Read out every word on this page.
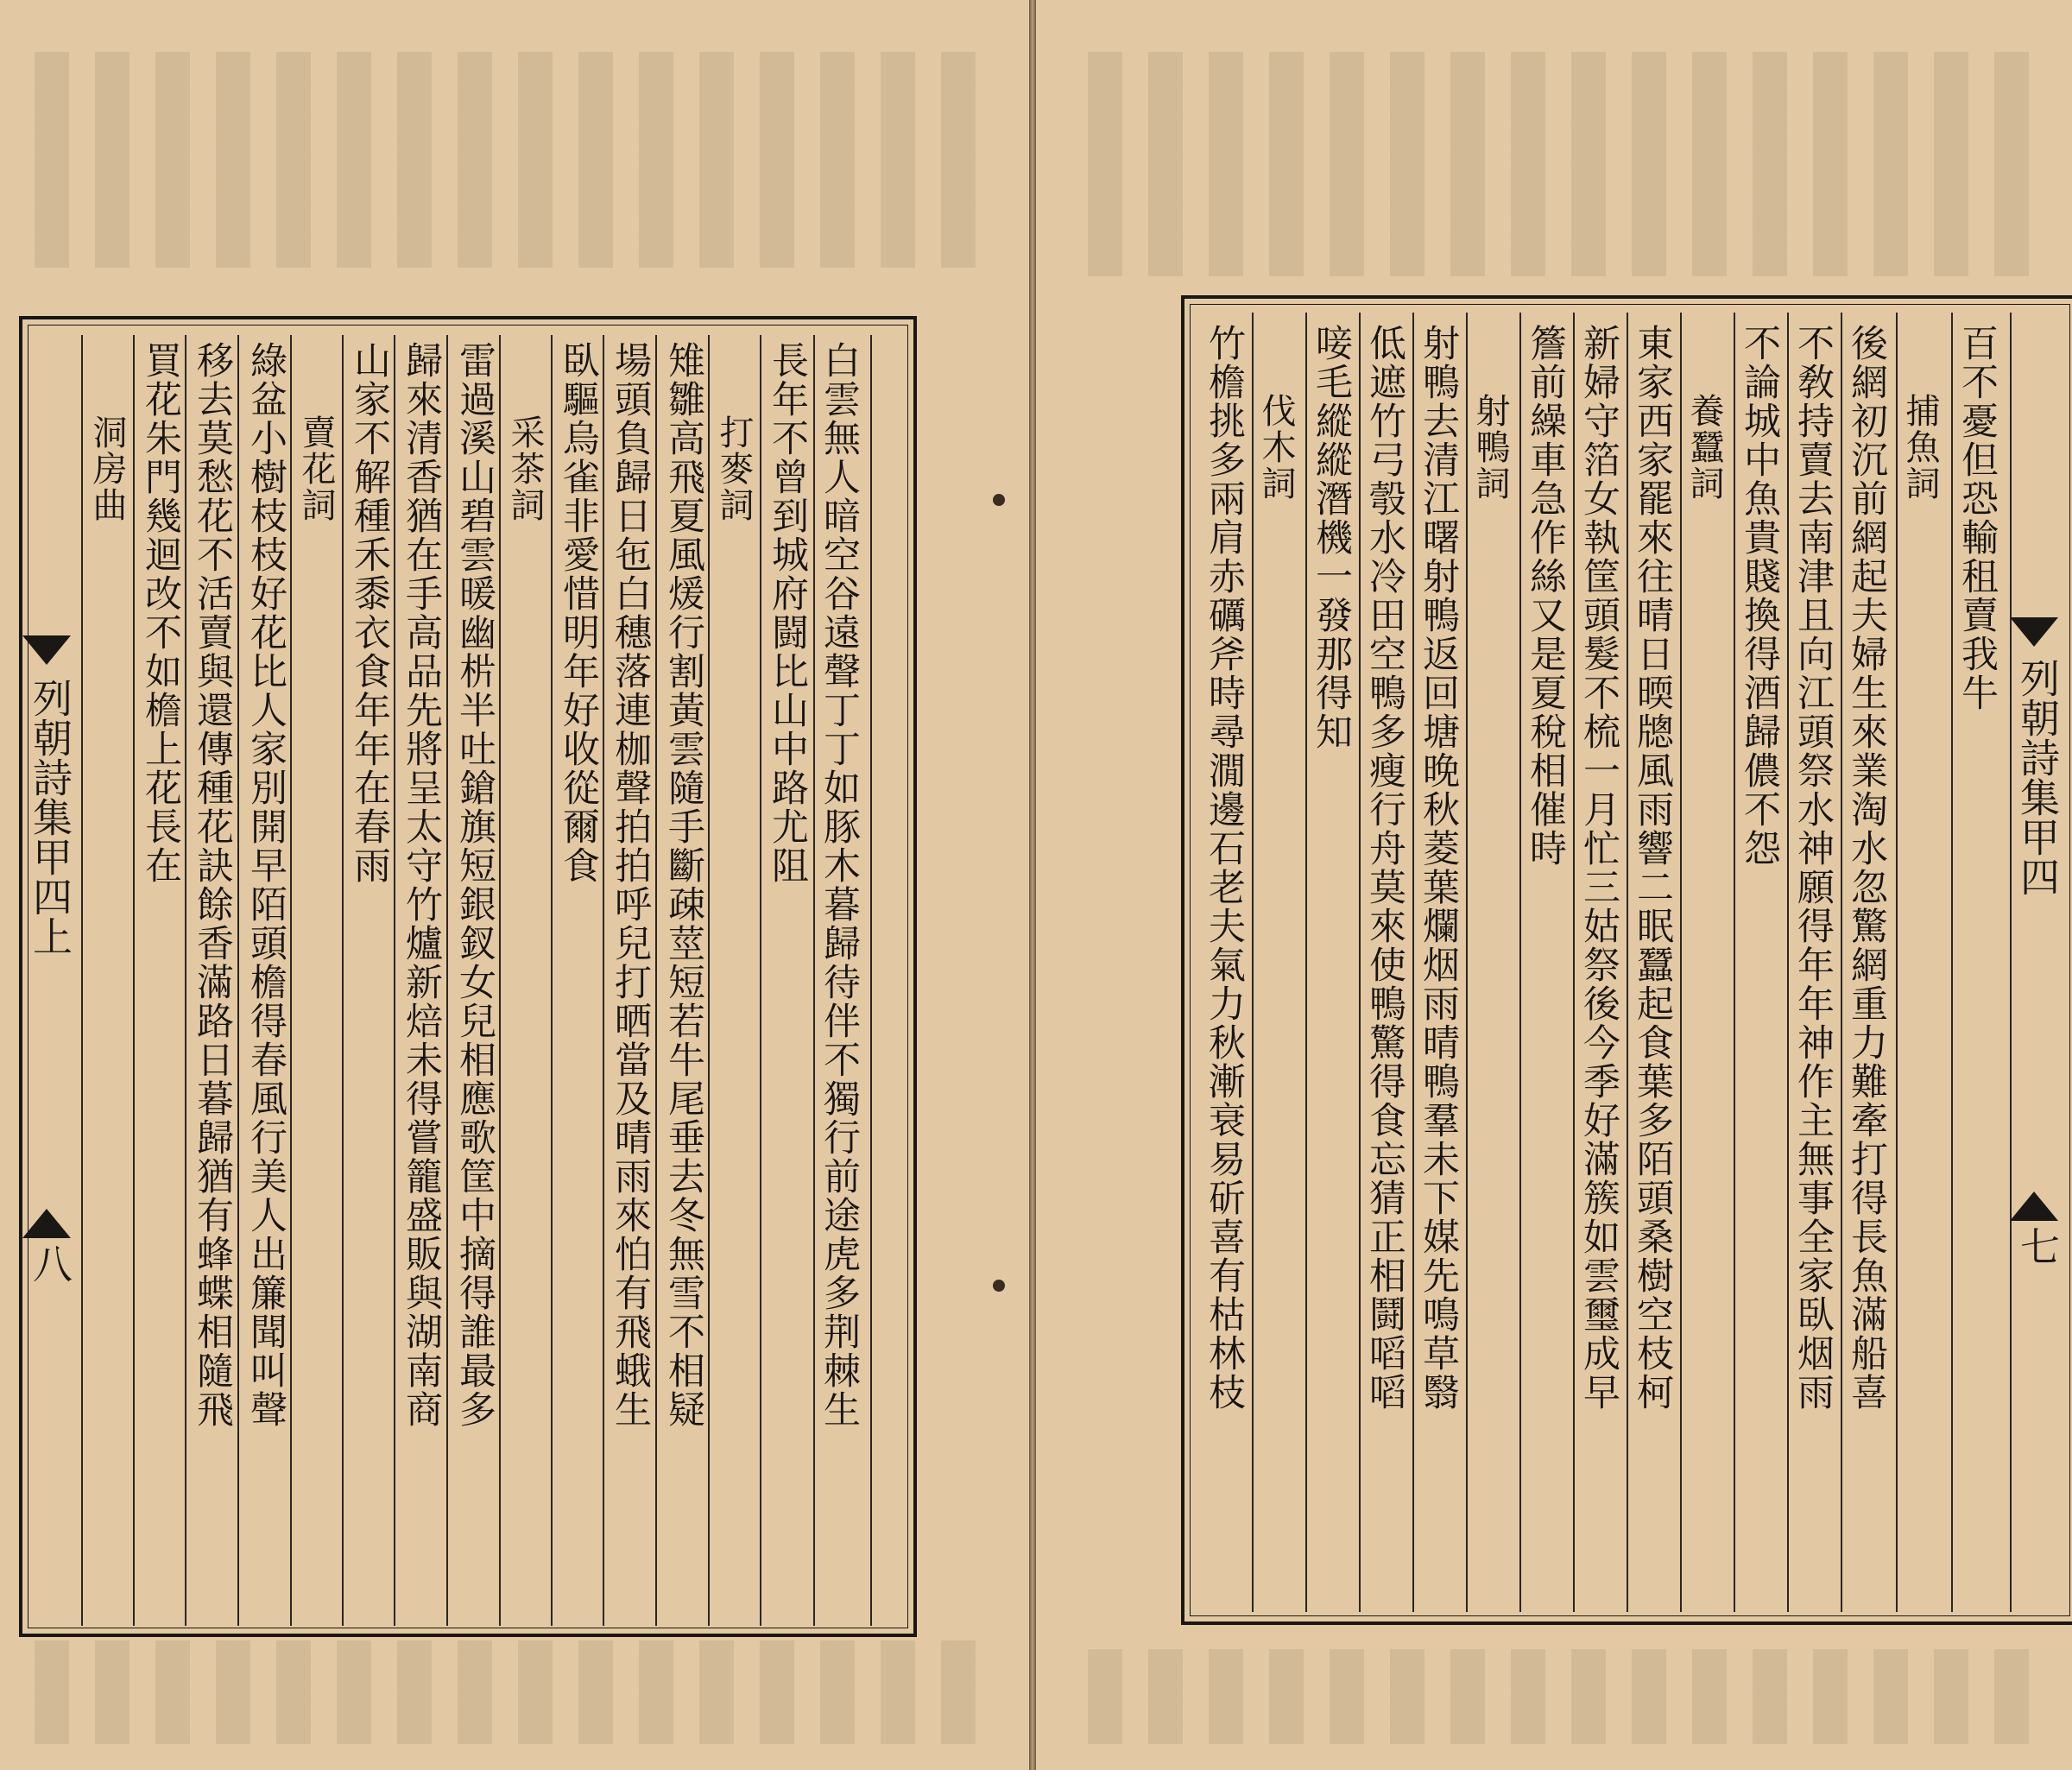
列朝詩集甲四上
八	白雲無人暗空谷遠聲丁丁如豚木暮歸待伴不獨行前途虎多荆棘生
長年不曾到城府闘比山中路尤阻
打麥詞
雉雛高飛夏風煖行割黃雲隨手斷疎莖短若牛尾垂去冬無雪不相疑
場頭負歸日㐌白穗落連枷聲拍拍呼兒打晒當及晴雨來怕有飛蛾生
臥驅烏雀非愛惜明年好收從爾食
采茶詞
雷過溪山碧雲暖幽㭊半吐鎗旗短銀釵女兒相應歌筐中摘得誰最多
歸來清香猶在手高品先將呈太守竹爐新焙未得嘗籠盛販與湖南商
山家不解種禾黍衣食年年在春雨
賣花詞
綠盆小樹枝枝好花比人家別開早陌頭檐得春風行美人出簾聞叫聲
移去莫愁花不活賣與還傳種花訣餘香滿路日暮歸猶有蜂蝶相隨飛
買花朱門幾迴改不如檐上花長在
洞房曲
列朝詩集甲四
七
百不憂但恐輸租賣我牛
捕魚詞
後網初沉前網起夫婦生來業淘水忽驚網重力難牽打得長魚滿船喜
不敎持賣去南津且向江頭祭水神願得年年神作主無事全家臥烟雨
不論城中魚貴賤換得酒歸儂不怨
養蠶詞
東家西家罷來往晴日㬉牕風雨響二眠蠶起食葉多陌頭桑樹空枝柯
新婦守箔女執筐頭髮不梳一月忙三姑祭後今季好滿簇如雲璽成早
簷前繰車急作絲又是夏稅相催時
射鴨詞
射鴨去清江曙射鴨返回塘晚秋菱葉爛烟雨晴鴨羣未下媒先鳴草翳
低遮竹弓彀水冷田空鴨多瘦行舟莫來使鴨驚得食忘猜正相鬪㗖㗖
唼毛縱縱潛機一發那得知
伐木詞
竹檐挑多兩肩赤礪斧時尋㵎邊石老夫氣力秋漸衰易斫喜有枯林枝
